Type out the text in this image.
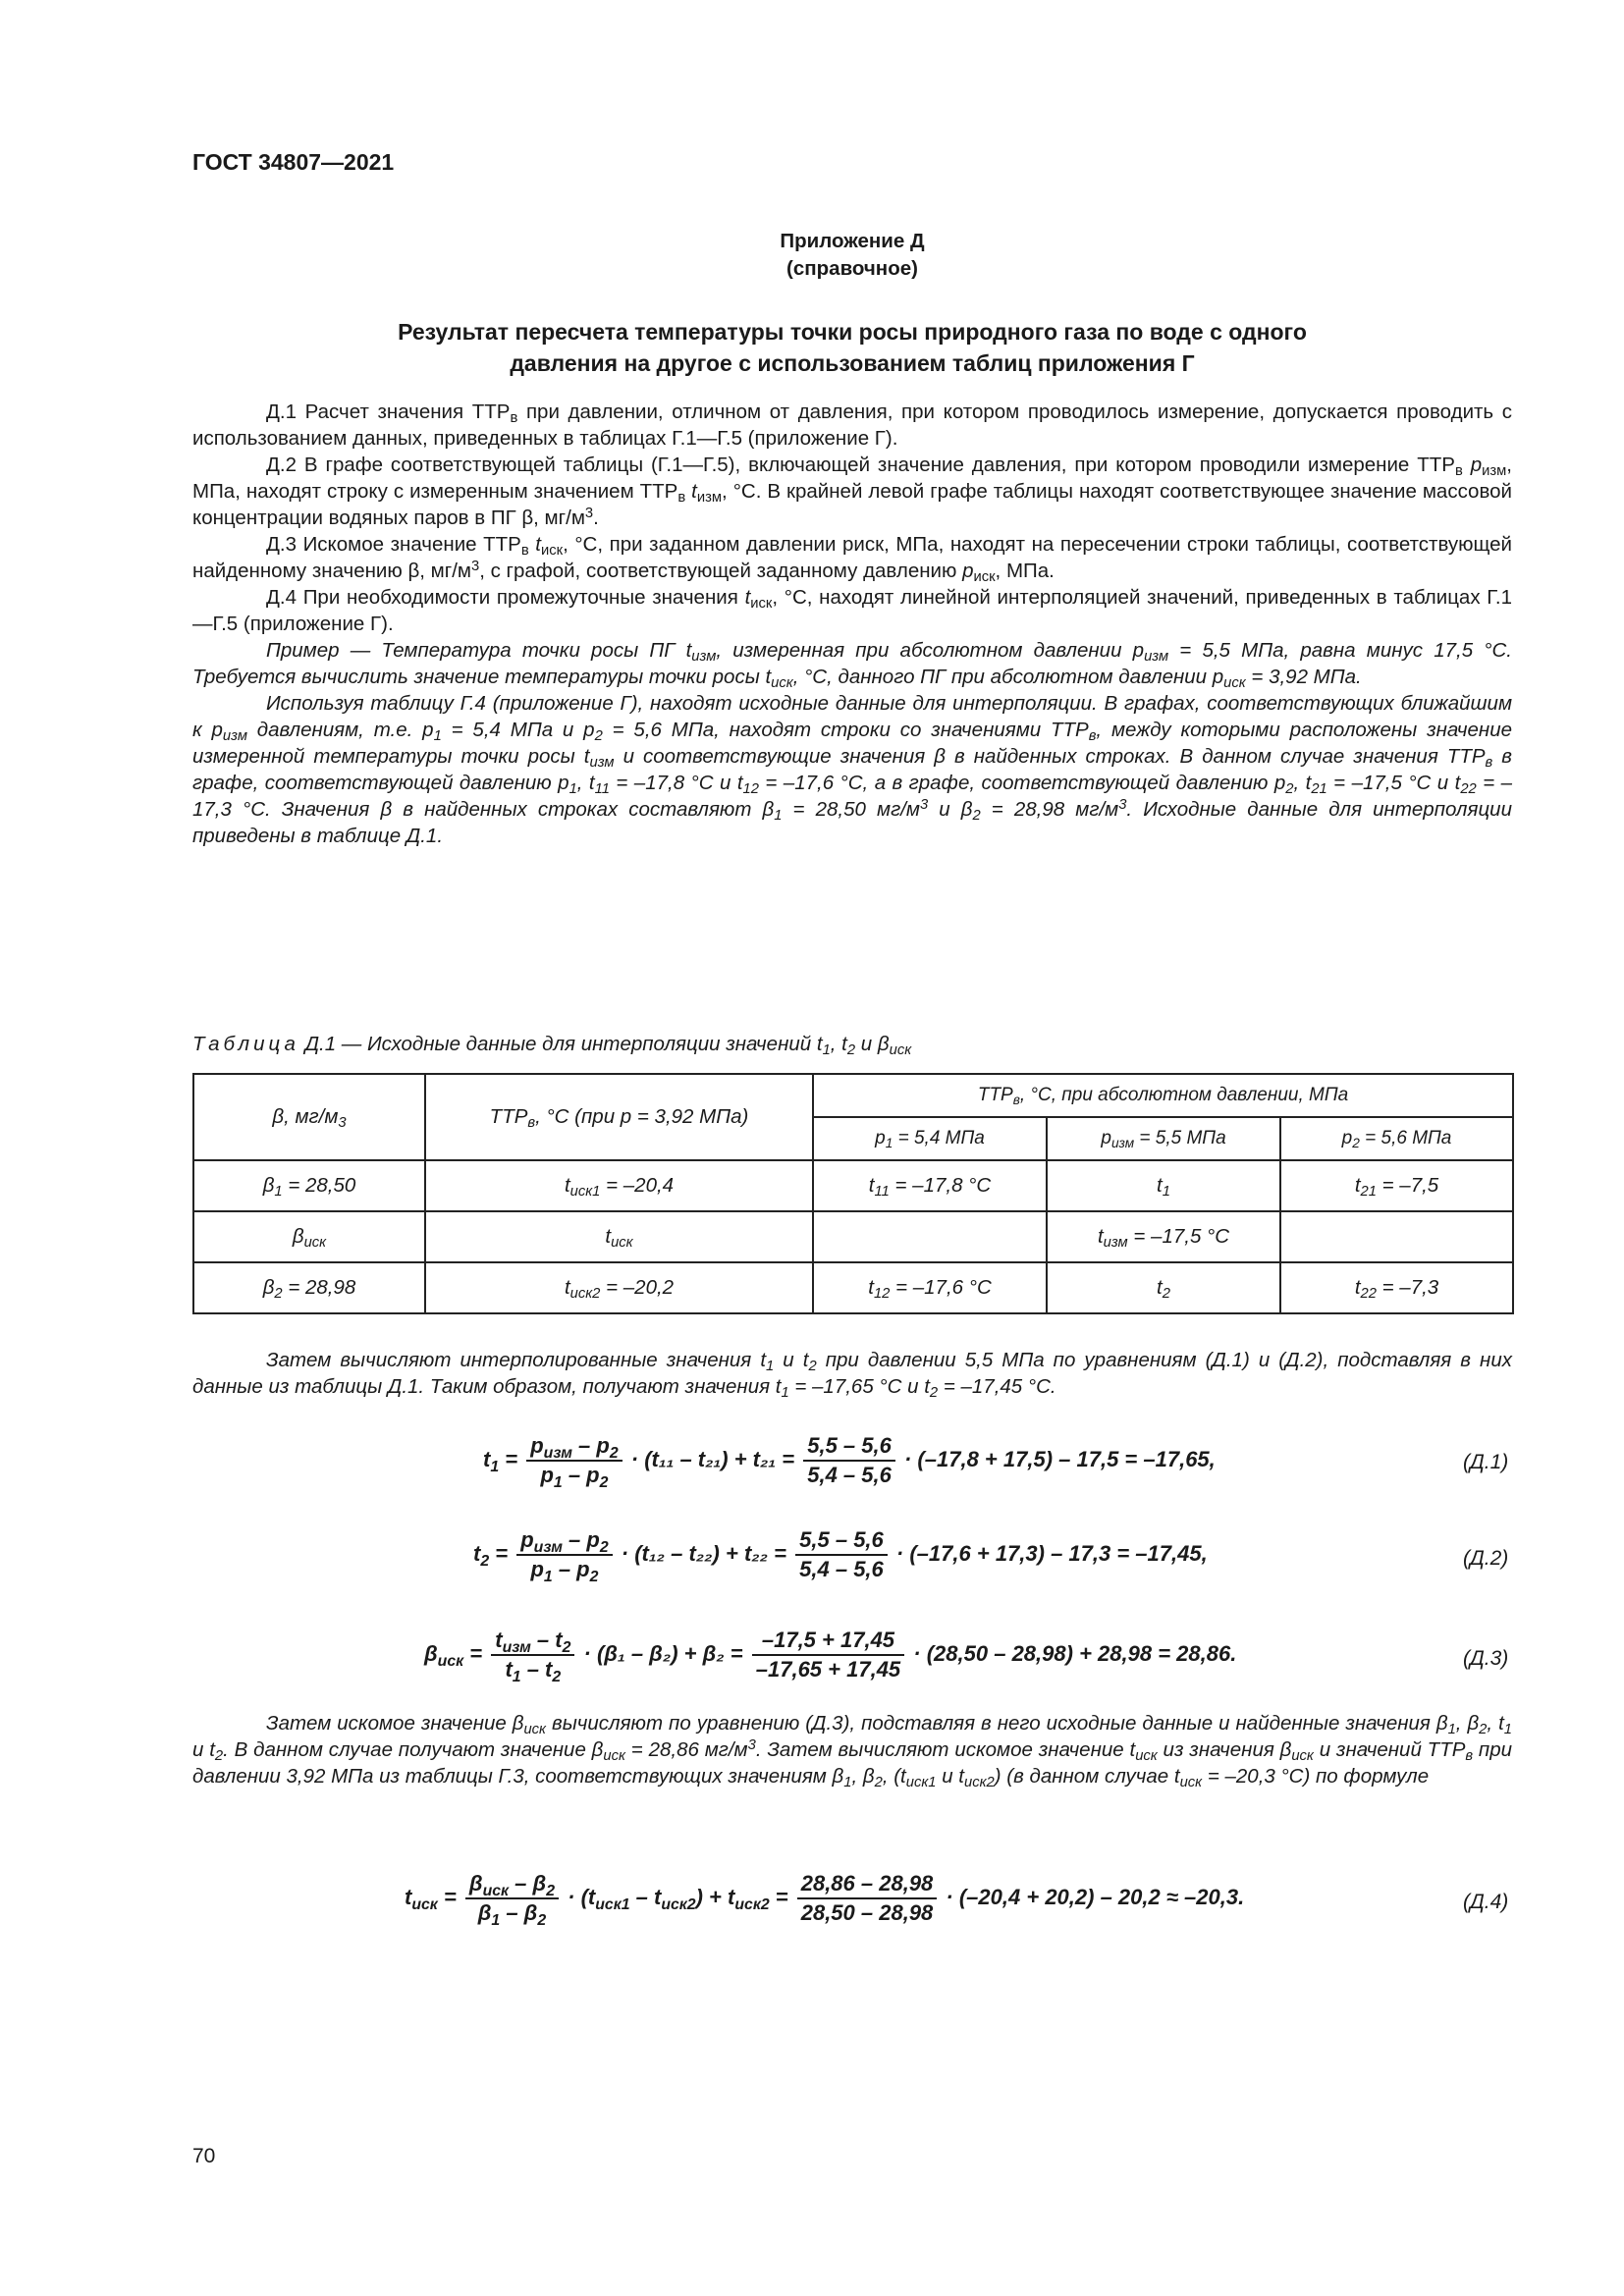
ГОСТ 34807—2021
Приложение Д
(справочное)
Результат пересчета температуры точки росы природного газа по воде с одного
давления на другое с использованием таблиц приложения Г

Д.1 Расчет значения $ТТР_в$ при давлении, отличном от давления, при котором проводилось измерение, допускается проводить с использованием данных, приведенных в таблицах Г.1—Г.5 (приложение Г).

Д.2 В графе соответствующей таблицы (Г.1—Г.5), включающей значение давления, при котором проводили измерение $ТТР_в$ $р_{изм}$, МПа, находят строку с измеренным значением $ТТР_в$ $t_{изм}$, °С. В крайней левой графе таблицы находят соответствующее значение массовой концентрации водяных паров в ПГ β, $мг/м^3$.

Д.3 Искомое значение $ТТР_в$ $t_{иск}$, °С, при заданном давлении риск, МПа, находят на пересечении строки таблицы, соответствующей найденному значению β, $мг/м^3$, с графой, соответствующей заданному давлению $р_{иск}$, МПа.

Д.4 При необходимости промежуточные значения $t_{иск}$, °С, находят линейной интерполяцией значений, приведенных в таблицах Г.1—Г.5 (приложение Г).

Пример — Температура точки росы ПГ $t_{изм}$, измеренная при абсолютном давлении $р_{изм} = 5,5$ МПа, равна минус 17,5 °С. Требуется вычислить значение температуры точки росы $t_{иск}$, °С, данного ПГ при абсолютном давлении $р_{иск} = 3,92$ МПа.

Используя таблицу Г.4 (приложение Г), находят исходные данные для интерполяции. В графах, соответствующих ближайшим к $р_{изм}$ давлениям, т.е. $р_1 = 5,4$ МПа и $р_2 = 5,6$ МПа, находят строки со значениями $ТТР_в$, между которыми расположены значение измеренной температуры точки росы $t_{изм}$ и соответствующие значения β в найденных строках. В данном случае значения $ТТР_в$ в графе, соответствующей давлению $р_1$, $t_{11} = -17,8$ °С и $t_{12} = -17,6$ °С, а в графе, соответствующей давлению $р_2$, $t_{21} = -17,5$ °С и $t_{22} = -17,3$ °С. Значения β в найденных строках составляют $\beta_1 = 28,50$ $мг/м^3$ и $\beta_2 = 28,98$ $мг/м^3$. Исходные данные для интерполяции приведены в таблице Д.1.

Таблица Д.1 — Исходные данные для интерполяции значений $t_1$, $t_2$ и $\beta_{иск}$
β, $мг/м_3$	$ТТР_в$, °С (при р = 3,92 МПа)	$ТТР_в$, °С, при абсолютном давлении, МПа		
		$p_1 = 5,4$ МПа	$p_{изм} = 5,5$ МПа	$p_2 = 5,6$ МПа
$\beta_1 = 28,50$	$t_{иск1} = -20,4$	$t_{11} = -17,8$ °С	$t_1$	$t_{21} = -7,5$
$\beta_{иск}$	$t_{иск}$		$t_{изм} = -17,5$ °С	
$\beta_2 = 28,98$	$t_{иск2} = -20,2$	$t_{12} = -17,6$ °С	$t_2$	$t_{22} = -7,3$

Затем вычисляют интерполированные значения $t_1$ и $t_2$ при давлении 5,5 МПа по уравнениям (Д.1) и (Д.2), подставляя в них данные из таблицы Д.1. Таким образом, получают значения $t_1 = -17,65$ °С и $t_2 = -17,45$ °С.

$t_1 = \frac{p_{изм} - p_2}{p_1 - p_2} \cdot (t_{11} - t_{21}) + t_{21} = \frac{5,5 - 5,6}{5,4 - 5,6} \cdot (-17,8 + 17,5) - 17,5 = -17,65$,	(Д.1)
$t_2 = \frac{p_{изм} - p_2}{p_1 - p_2} \cdot (t_{12} - t_{22}) + t_{22} = \frac{5,5 - 5,6}{5,4 - 5,6} \cdot (-17,6 + 17,3) - 17,3 = -17,45$,	(Д.2)
$\beta_{иск} = \frac{t_{изм} - t_2}{t_1 - t_2} \cdot (\beta_1 - \beta_2) + \beta_2 = \frac{-17,5 + 17,45}{-17,65 + 17,45} \cdot (28,50 - 28,98) + 28,98 = 28,86$.	(Д.3)

Затем искомое значение $\beta_{иск}$ вычисляют по уравнению (Д.3), подставляя в него исходные данные и найденные значения $\beta_1$, $\beta_2$, $t_1$ и $t_2$. В данном случае получают значение $\beta_{иск} = 28,86$ $мг/м^3$. Затем вычисляют искомое значение $t_{иск}$ из значения $\beta_{иск}$ и значений $ТТР_в$ при давлении 3,92 МПа из таблицы Г.3, соответствующих значениям $\beta_1$, $\beta_2$, ($t_{иск1}$ и $t_{иск2}$) (в данном случае $t_{иск} = -20,3$ °С) по формуле

$t_{иск} = \frac{\beta_{иск} - \beta_2}{\beta_1 - \beta_2} \cdot (t_{иск1} - t_{иск2}) + t_{иск2} = \frac{28,86 - 28,98}{28,50 - 28,98} \cdot (-20,4 + 20,2) - 20,2 \approx -20,3$.	(Д.4)
70
